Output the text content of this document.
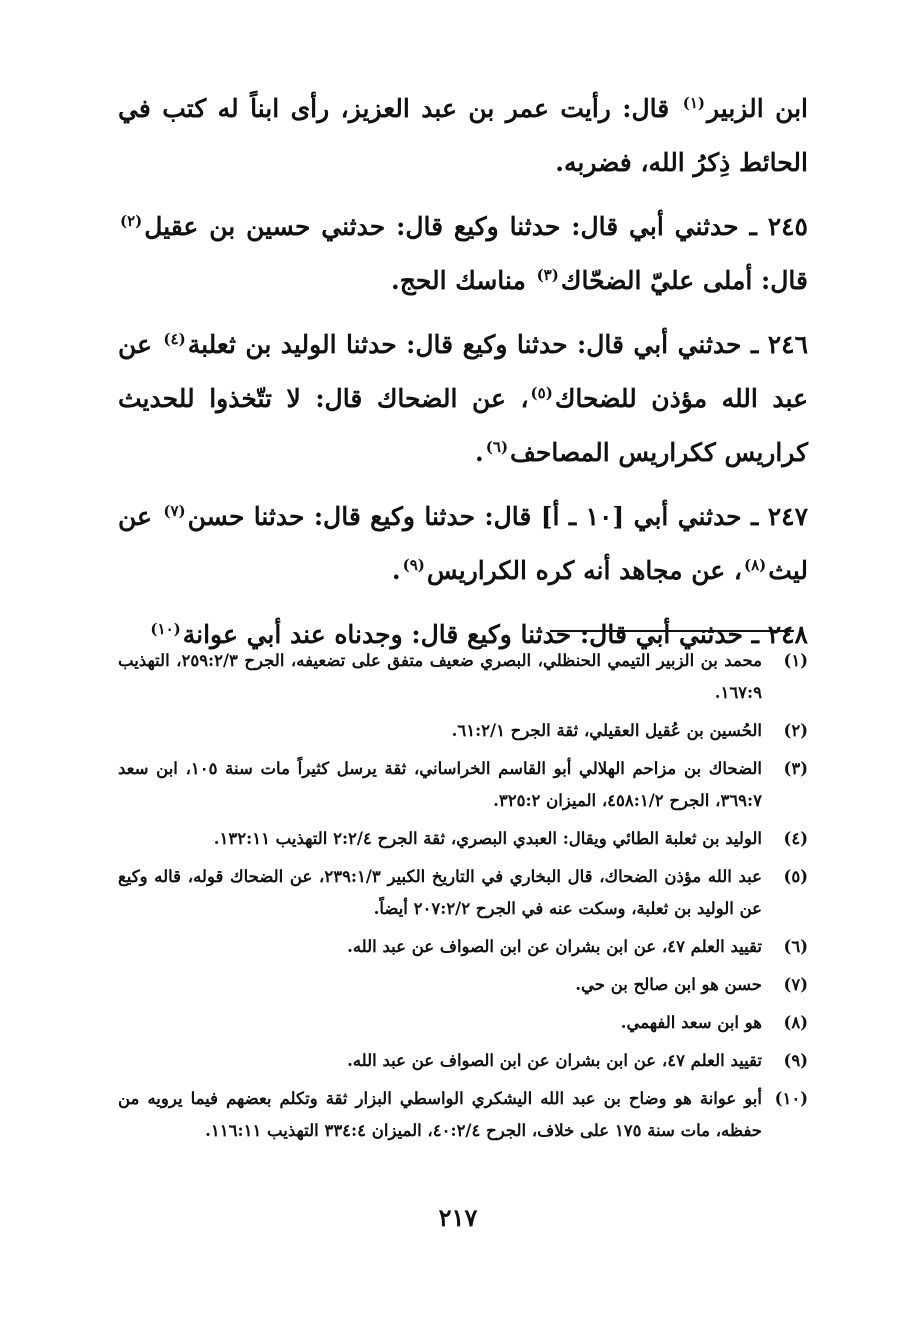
ابن الزبير$^{(١)}$ قال: رأيت عمر بن عبد العزيز، رأى ابناً له كتب في الحائط ذِكرُ الله، فضربه.

٢٤٥ ـ حدثني أبي قال: حدثنا وكيع قال: حدثني حسين بن عقيل$^{(٢)}$ قال: أملى عليّ الضحّاك$^{(٣)}$ مناسك الحج.

٢٤٦ ـ حدثني أبي قال: حدثنا وكيع قال: حدثنا الوليد بن ثعلبة$^{(٤)}$ عن عبد الله مؤذن للضحاك$^{(٥)}$، عن الضحاك قال: لا تتّخذوا للحديث كراريس ككراريس المصاحف$^{(٦)}$.

٢٤٧ ـ حدثني أبي [١٠ ـ أ] قال: حدثنا وكيع قال: حدثنا حسن$^{(٧)}$ عن ليث$^{(٨)}$، عن مجاهد أنه كره الكراريس$^{(٩)}$.

٢٤٨ ـ حدثني أبي قال: حدثنا وكيع قال: وجدناه عند أبي عوانة$^{(١٠)}$

(١)
محمد بن الزبير التيمي الحنظلي، البصري ضعيف متفق على تضعيفه، الجرح ٢٥٩:٢/٣، التهذيب ١٦٧:٩.
(٢)
الحُسين بن عُقيل العقيلي، ثقة الجرح ٦١:٢/١.
(٣)
الضحاك بن مزاحم الهلالي أبو القاسم الخراساني، ثقة يرسل كثيراً مات سنة ١٠٥، ابن سعد ٣٦٩:٧، الجرح ٤٥٨:١/٢، الميزان ٣٢٥:٢.
(٤)
الوليد بن ثعلبة الطائي ويقال: العبدي البصري، ثقة الجرح ٢:٢/٤ التهذيب ١٣٢:١١.
(٥)
عبد الله مؤذن الضحاك، قال البخاري في التاريخ الكبير ٢٣٩:١/٣، عن الضحاك قوله، قاله وكيع عن الوليد بن ثعلبة، وسكت عنه في الجرح ٢٠٧:٢/٢ أيضاً.
(٦)
تقييد العلم ٤٧، عن ابن بشران عن ابن الصواف عن عبد الله.
(٧)
حسن هو ابن صالح بن حي.
(٨)
هو ابن سعد الفهمي.
(٩)
تقييد العلم ٤٧، عن ابن بشران عن ابن الصواف عن عبد الله.
(١٠)
أبو عوانة هو وضاح بن عبد الله اليشكري الواسطي البزار ثقة وتكلم بعضهم فيما يرويه من حفظه، مات سنة ١٧٥ على خلاف، الجرح ٤٠:٢/٤، الميزان ٣٣٤:٤ التهذيب ١١٦:١١.
٢١٧
